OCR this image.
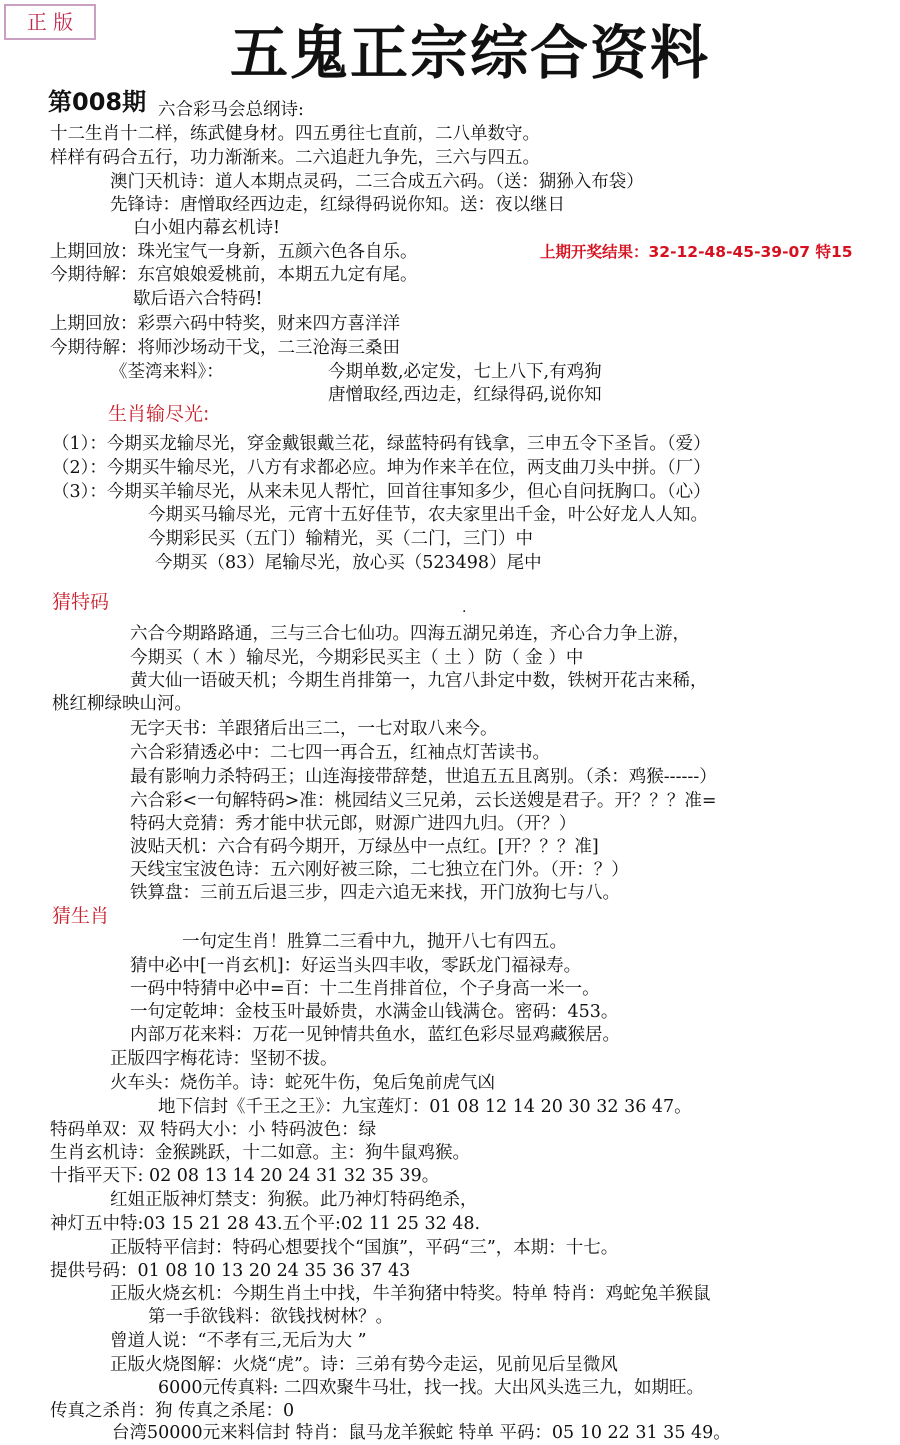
正 版	五鬼正宗综合资料
第008期 六合彩马会总纲诗:
十二生肖十二样，练武健身材。四五勇往七直前，二八单数守。
样样有码合五行，功力渐渐来。二六追赶九争先，三六与四五。
澳门天机诗：道人本期点灵码，二三合成五六码。（送：猢狲入布袋）
先锋诗：唐憎取经西边走，红绿得码说你知。送：夜以继日
白小姐内幕玄机诗!
上期回放：珠光宝气一身新，五颜六色各自乐。	上期开奖结果：32-12-48-45-39-07 特15
今期待解：东宫娘娘爱桃前，本期五九定有尾。
歇后语六合特码!
上期回放：彩票六码中特奖，财来四方喜洋洋
今期待解：将师沙场动干戈，二三沧海三桑田
《荃湾来料》：	今期单数,必定发，七上八下,有鸡狗
唐憎取经,西边走，红绿得码,说你知
生肖输尽光:
（1）：今期买龙输尽光，穿金戴银戴兰花，绿蓝特码有钱拿，三申五令下圣旨。（爱）
（2）：今期买牛输尽光，八方有求都必应。坤为作来羊在位，两支曲刀头中拼。（厂）
（3）：今期买羊输尽光，从来未见人帮忙，回首往事知多少，但心自问抚胸口。（心）
今期买马输尽光，元宵十五好佳节，农夫家里出千金，叶公好龙人人知。
今期彩民买（五门）输精光，买（二门，三门）中
今期买（83）尾输尽光，放心买（523498）尾中
猜特码	.
六合今期路路通，三与三合七仙功。四海五湖兄弟连，齐心合力争上游，
今期买（ 木 ）输尽光，今期彩民买主（ 土 ）防（ 金 ）中
黄大仙一语破天机；今期生肖排第一，九宫八卦定中数，铁树开花古来稀，
桃红柳绿映山河。
无字天书：羊跟猪后出三二，一七对取八来今。
六合彩猜透必中：二七四一再合五，红袖点灯苦读书。
最有影响力杀特码王；山连海接带辞楚，世追五五且离别。（杀：鸡猴------）
六合彩<一句解特码>准：桃园结义三兄弟，云长送嫂是君子。开？？？准=
特码大竞猜：秀才能中状元郎，财源广进四九归。（开？）
波贴天机：六合有码今期开，万绿丛中一点红。[开？？？准]
天线宝宝波色诗：五六刚好被三除，二七独立在门外。（开：？）
铁算盘：三前五后退三步，四走六追无来找，开门放狗七与八。
猜生肖
一句定生肖！胜算二三看中九，抛开八七有四五。
猜中必中[一肖玄机]：好运当头四丰收，零跃龙门福禄寿。
一码中特猜中必中=百：十二生肖排首位，个子身高一米一。
一句定乾坤：金枝玉叶最娇贵，水满金山钱满仓。密码：453。
内部万花来料：万花一见钟情共鱼水，蓝红色彩尽显鸡藏猴居。
正版四字梅花诗：坚韧不拔。
火车头：烧伤羊。诗：蛇死牛伤，兔后兔前虎气凶
地下信封《千王之王》：九宝莲灯：01 08 12 14 20 30 32 36 47。
特码单双：双 特码大小：小 特码波色：绿
生肖玄机诗：金猴跳跃，十二如意。主：狗牛鼠鸡猴。
十指平天下: 02 08 13 14 20 24 31 32 35 39。
红姐正版神灯禁支：狗猴。此乃神灯特码绝杀，
神灯五中特:03 15 21 28 43.五个平:02 11 25 32 48.
正版特平信封：特码心想要找个“国旗”，平码“三”，本期：十七。
提供号码：01 08 10 13 20 24 35 36 37 43
正版火烧玄机：今期生肖土中找，牛羊狗猪中特奖。特单 特肖：鸡蛇兔羊猴鼠
第一手欲钱料：欲钱找树林？。
曾道人说：“不孝有三,无后为大 ”
正版火烧图解：火烧“虎”。诗：三弟有势今走运，见前见后呈微风
6000元传真料: 二四欢聚牛马壮，找一找。大出风头选三九，如期旺。
传真之杀肖：狗 传真之杀尾：0
台湾50000元来料信封 特肖：鼠马龙羊猴蛇 特单 平码：05 10 22 31 35 49。
